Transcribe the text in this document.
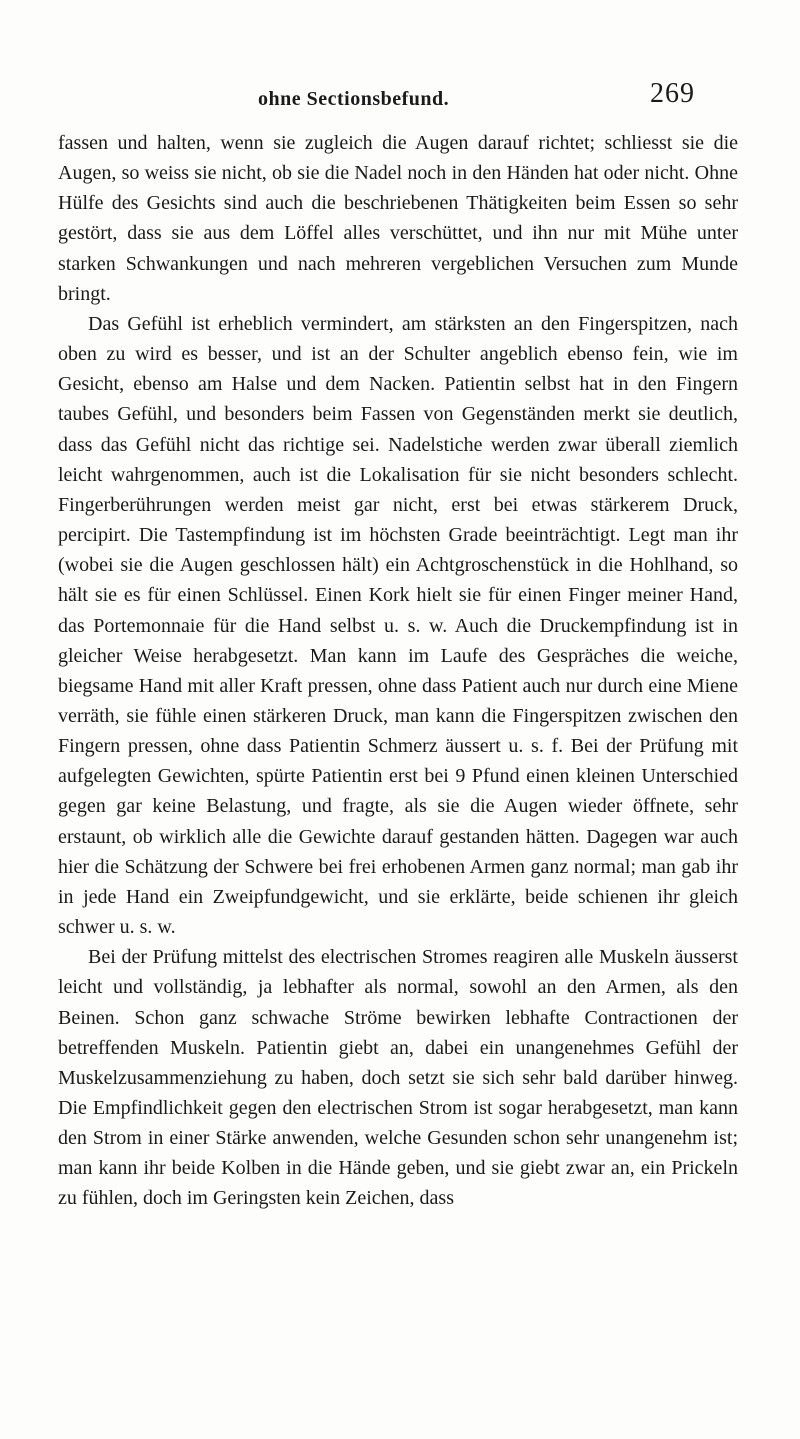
ohne Sectionsbefund.	269

fassen und halten, wenn sie zugleich die Augen darauf richtet; schliesst sie die Augen, so weiss sie nicht, ob sie die Nadel noch in den Händen hat oder nicht. Ohne Hülfe des Gesichts sind auch die beschriebenen Thätigkeiten beim Essen so sehr gestört, dass sie aus dem Löffel alles verschüttet, und ihn nur mit Mühe unter starken Schwankungen und nach mehreren vergeblichen Versuchen zum Munde bringt.

Das Gefühl ist erheblich vermindert, am stärksten an den Fingerspitzen, nach oben zu wird es besser, und ist an der Schulter angeblich ebenso fein, wie im Gesicht, ebenso am Halse und dem Nacken. Patientin selbst hat in den Fingern taubes Gefühl, und besonders beim Fassen von Gegenständen merkt sie deutlich, dass das Gefühl nicht das richtige sei. Nadelstiche werden zwar überall ziemlich leicht wahrgenommen, auch ist die Lokalisation für sie nicht besonders schlecht. Fingerberührungen werden meist gar nicht, erst bei etwas stärkerem Druck, percipirt. Die Tastempfindung ist im höchsten Grade beeinträchtigt. Legt man ihr (wobei sie die Augen geschlossen hält) ein Achtgroschenstück in die Hohlhand, so hält sie es für einen Schlüssel. Einen Kork hielt sie für einen Finger meiner Hand, das Portemonnaie für die Hand selbst u. s. w. Auch die Druckempfindung ist in gleicher Weise herabgesetzt. Man kann im Laufe des Gespräches die weiche, biegsame Hand mit aller Kraft pressen, ohne dass Patient auch nur durch eine Miene verräth, sie fühle einen stärkeren Druck, man kann die Fingerspitzen zwischen den Fingern pressen, ohne dass Patientin Schmerz äussert u. s. f. Bei der Prüfung mit aufgelegten Gewichten, spürte Patientin erst bei 9 Pfund einen kleinen Unterschied gegen gar keine Belastung, und fragte, als sie die Augen wieder öffnete, sehr erstaunt, ob wirklich alle die Gewichte darauf gestanden hätten. Dagegen war auch hier die Schätzung der Schwere bei frei erhobenen Armen ganz normal; man gab ihr in jede Hand ein Zweipfundgewicht, und sie erklärte, beide schienen ihr gleich schwer u. s. w.

Bei der Prüfung mittelst des electrischen Stromes reagiren alle Muskeln äusserst leicht und vollständig, ja lebhafter als normal, sowohl an den Armen, als den Beinen. Schon ganz schwache Ströme bewirken lebhafte Contractionen der betreffenden Muskeln. Patientin giebt an, dabei ein unangenehmes Gefühl der Muskelzusammenziehung zu haben, doch setzt sie sich sehr bald darüber hinweg. Die Empfindlichkeit gegen den electrischen Strom ist sogar herabgesetzt, man kann den Strom in einer Stärke anwenden, welche Gesunden schon sehr unangenehm ist; man kann ihr beide Kolben in die Hände geben, und sie giebt zwar an, ein Prickeln zu fühlen, doch im Geringsten kein Zeichen, dass
